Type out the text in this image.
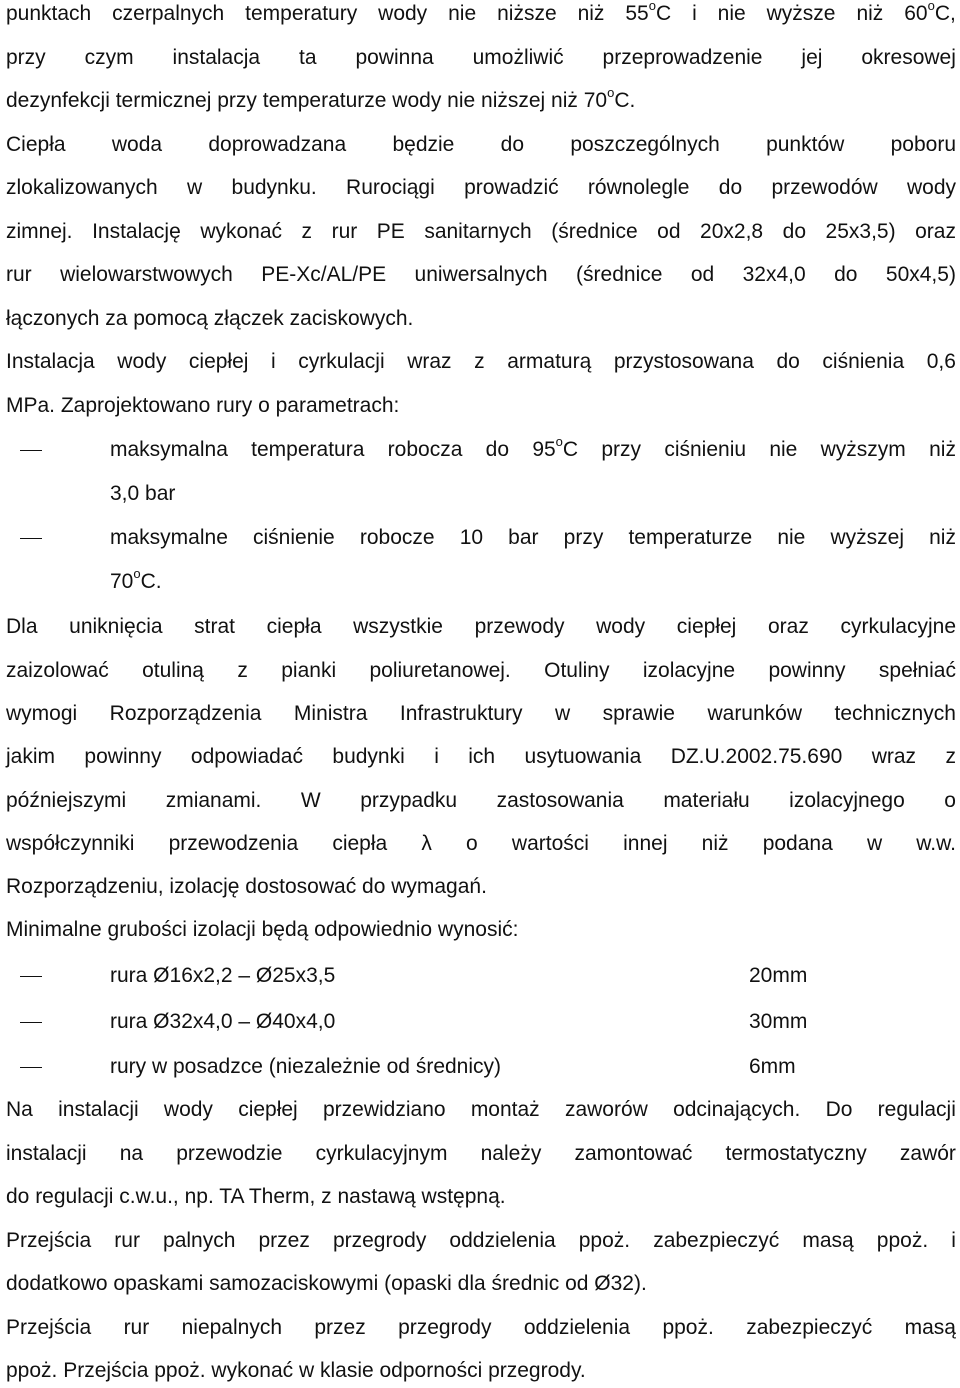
punktach czerpalnych temperatury wody nie niższe niż 55$^o$C i nie wyższe niż 60$^o$C,
przy czym instalacja ta powinna umożliwić przeprowadzenie jej okresowej
dezynfekcji termicznej przy temperaturze wody nie niższej niż 70$^o$C.
Ciepła woda doprowadzana będzie do poszczególnych punktów poboru
zlokalizowanych w budynku. Rurociągi prowadzić równolegle do przewodów wody
zimnej. Instalację wykonać z rur PE sanitarnych (średnice od 20x2,8 do 25x3,5) oraz
rur wielowarstwowych PE-Xc/AL/PE uniwersalnych (średnice od 32x4,0 do 50x4,5)
łączonych za pomocą złączek zaciskowych.
Instalacja wody ciepłej i cyrkulacji wraz z armaturą przystosowana do ciśnienia 0,6
MPa. Zaprojektowano rury o parametrach:
maksymalna temperatura robocza do 95$^o$C przy ciśnieniu nie wyższym niż
3,0 bar
maksymalne ciśnienie robocze 10 bar przy temperaturze nie wyższej niż
70$^o$C.
Dla uniknięcia strat ciepła wszystkie przewody wody ciepłej oraz cyrkulacyjne
zaizolować otuliną z pianki poliuretanowej. Otuliny izolacyjne powinny spełniać
wymogi Rozporządzenia Ministra Infrastruktury w sprawie warunków technicznych
jakim powinny odpowiadać budynki i ich usytuowania DZ.U.2002.75.690 wraz z
późniejszymi zmianami. W przypadku zastosowania materiału izolacyjnego o
współczynniki przewodzenia ciepła λ o wartości innej niż podana w w.w.
Rozporządzeniu, izolację dostosować do wymagań.
Minimalne grubości izolacji będą odpowiednio wynosić:
rura Ø16x2,2 – Ø25x3,5	20mm
rura Ø32x4,0 – Ø40x4,0	30mm
rury w posadzce (niezależnie od średnicy)	6mm
Na instalacji wody ciepłej przewidziano montaż zaworów odcinających. Do regulacji
instalacji na przewodzie cyrkulacyjnym należy zamontować termostatyczny zawór
do regulacji c.w.u., np. TA Therm, z nastawą wstępną.
Przejścia rur palnych przez przegrody oddzielenia ppoż. zabezpieczyć masą ppoż. i
dodatkowo opaskami samozaciskowymi (opaski dla średnic od Ø32).
Przejścia rur niepalnych przez przegrody oddzielenia ppoż. zabezpieczyć masą
ppoż. Przejścia ppoż. wykonać w klasie odporności przegrody.
